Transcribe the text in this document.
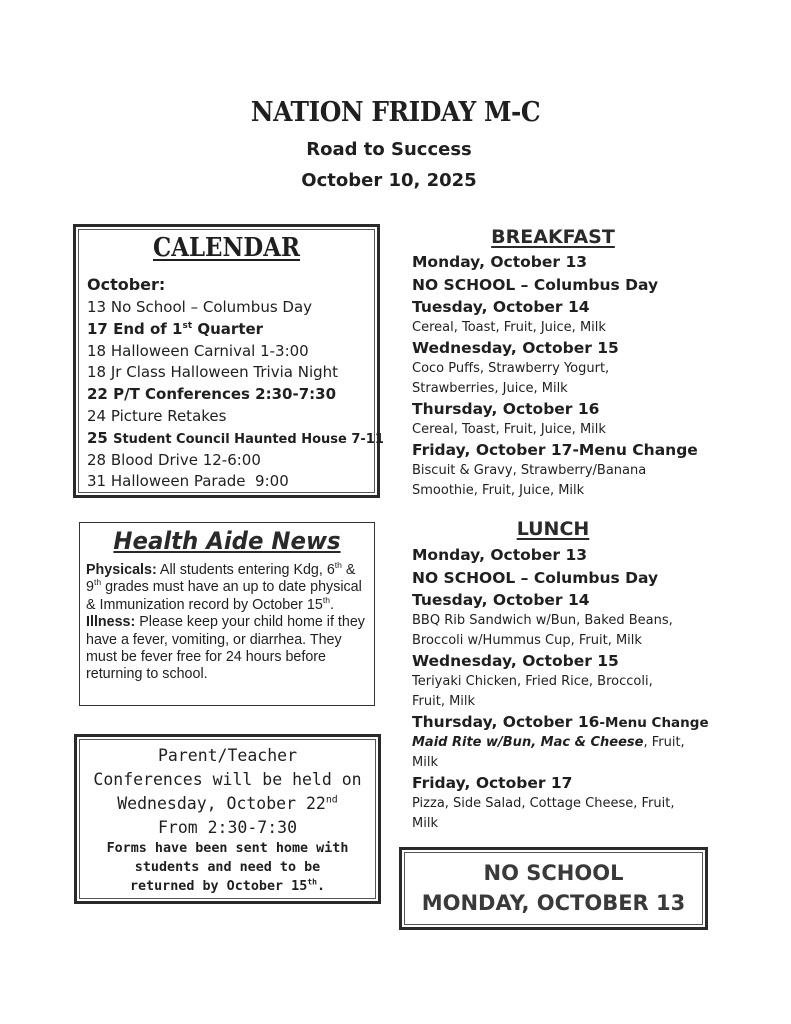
NATION FRIDAY M-C
Road to Success
October 10, 2025
CALENDAR
October:
13 No School – Columbus Day
17 End of 1st Quarter
18 Halloween Carnival 1-3:00
18 Jr Class Halloween Trivia Night
22 P/T Conferences 2:30-7:30
24 Picture Retakes
25 Student Council Haunted House 7-11
28 Blood Drive 12-6:00
31 Halloween Parade  9:00
Health Aide News
Physicals: All students entering Kdg, 6th & 9th grades must have an up to date physical & Immunization record by October 15th.
Illness: Please keep your child home if they have a fever, vomiting, or diarrhea. They must be fever free for 24 hours before returning to school.
Parent/Teacher
Conferences will be held on
Wednesday, October 22nd
From 2:30-7:30
Forms have been sent home with
students and need to be
returned by October 15th.
BREAKFAST
Monday, October 13
NO SCHOOL – Columbus Day
Tuesday, October 14
Cereal, Toast, Fruit, Juice, Milk
Wednesday, October 15
Coco Puffs, Strawberry Yogurt, Strawberries, Juice, Milk
Thursday, October 16
Cereal, Toast, Fruit, Juice, Milk
Friday, October 17-Menu Change
Biscuit & Gravy, Strawberry/Banana Smoothie, Fruit, Juice, Milk
LUNCH
Monday, October 13
NO SCHOOL – Columbus Day
Tuesday, October 14
BBQ Rib Sandwich w/Bun, Baked Beans, Broccoli w/Hummus Cup, Fruit, Milk
Wednesday, October 15
Teriyaki Chicken, Fried Rice, Broccoli, Fruit, Milk
Thursday, October 16-Menu Change
Maid Rite w/Bun, Mac & Cheese, Fruit, Milk
Friday, October 17
Pizza, Side Salad, Cottage Cheese, Fruit, Milk
NO SCHOOL
MONDAY, OCTOBER 13
